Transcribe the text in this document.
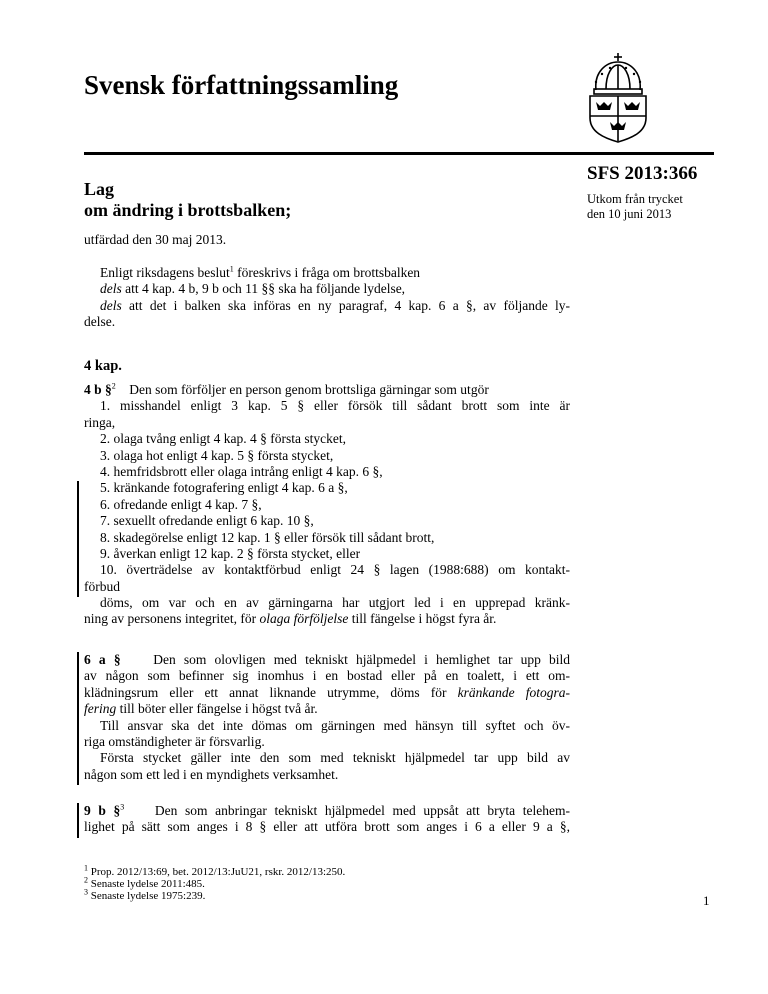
Svensk författningssamling
SFS 2013:366
Utkom från trycket
den 10 juni 2013
Lag
om ändring i brottsbalken;
utfärdad den 30 maj 2013.
Enligt riksdagens beslut$^1$ föreskrivs i fråga om brottsbalken
dels att 4 kap. 4 b, 9 b och 11 §§ ska ha följande lydelse,
dels att det i balken ska införas en ny paragraf, 4 kap. 6 a §, av följande ly-
delse.
4 kap.
4 b §$^2$ Den som förföljer en person genom brottsliga gärningar som utgör
1. misshandel enligt 3 kap. 5 § eller försök till sådant brott som inte är
ringa,
2. olaga tvång enligt 4 kap. 4 § första stycket,
3. olaga hot enligt 4 kap. 5 § första stycket,
4. hemfridsbrott eller olaga intrång enligt 4 kap. 6 §,
5. kränkande fotografering enligt 4 kap. 6 a §,
6. ofredande enligt 4 kap. 7 §,
7. sexuellt ofredande enligt 6 kap. 10 §,
8. skadegörelse enligt 12 kap. 1 § eller försök till sådant brott,
9. åverkan enligt 12 kap. 2 § första stycket, eller
10. överträdelse av kontaktförbud enligt 24 § lagen (1988:688) om kontakt-
förbud
döms, om var och en av gärningarna har utgjort led i en upprepad kränk-
ning av personens integritet, för olaga förföljelse till fängelse i högst fyra år.
6 a § Den som olovligen med tekniskt hjälpmedel i hemlighet tar upp bild
av någon som befinner sig inomhus i en bostad eller på en toalett, i ett om-
klädningsrum eller ett annat liknande utrymme, döms för kränkande fotogra-
fering till böter eller fängelse i högst två år.
Till ansvar ska det inte dömas om gärningen med hänsyn till syftet och öv-
riga omständigheter är försvarlig.
Första stycket gäller inte den som med tekniskt hjälpmedel tar upp bild av
någon som ett led i en myndighets verksamhet.
9 b §$^3$ Den som anbringar tekniskt hjälpmedel med uppsåt att bryta telehem-
lighet på sätt som anges i 8 § eller att utföra brott som anges i 6 a eller 9 a §,
$^1$ Prop. 2012/13:69, bet. 2012/13:JuU21, rskr. 2012/13:250.
$^2$ Senaste lydelse 2011:485.
$^3$ Senaste lydelse 1975:239.	1
